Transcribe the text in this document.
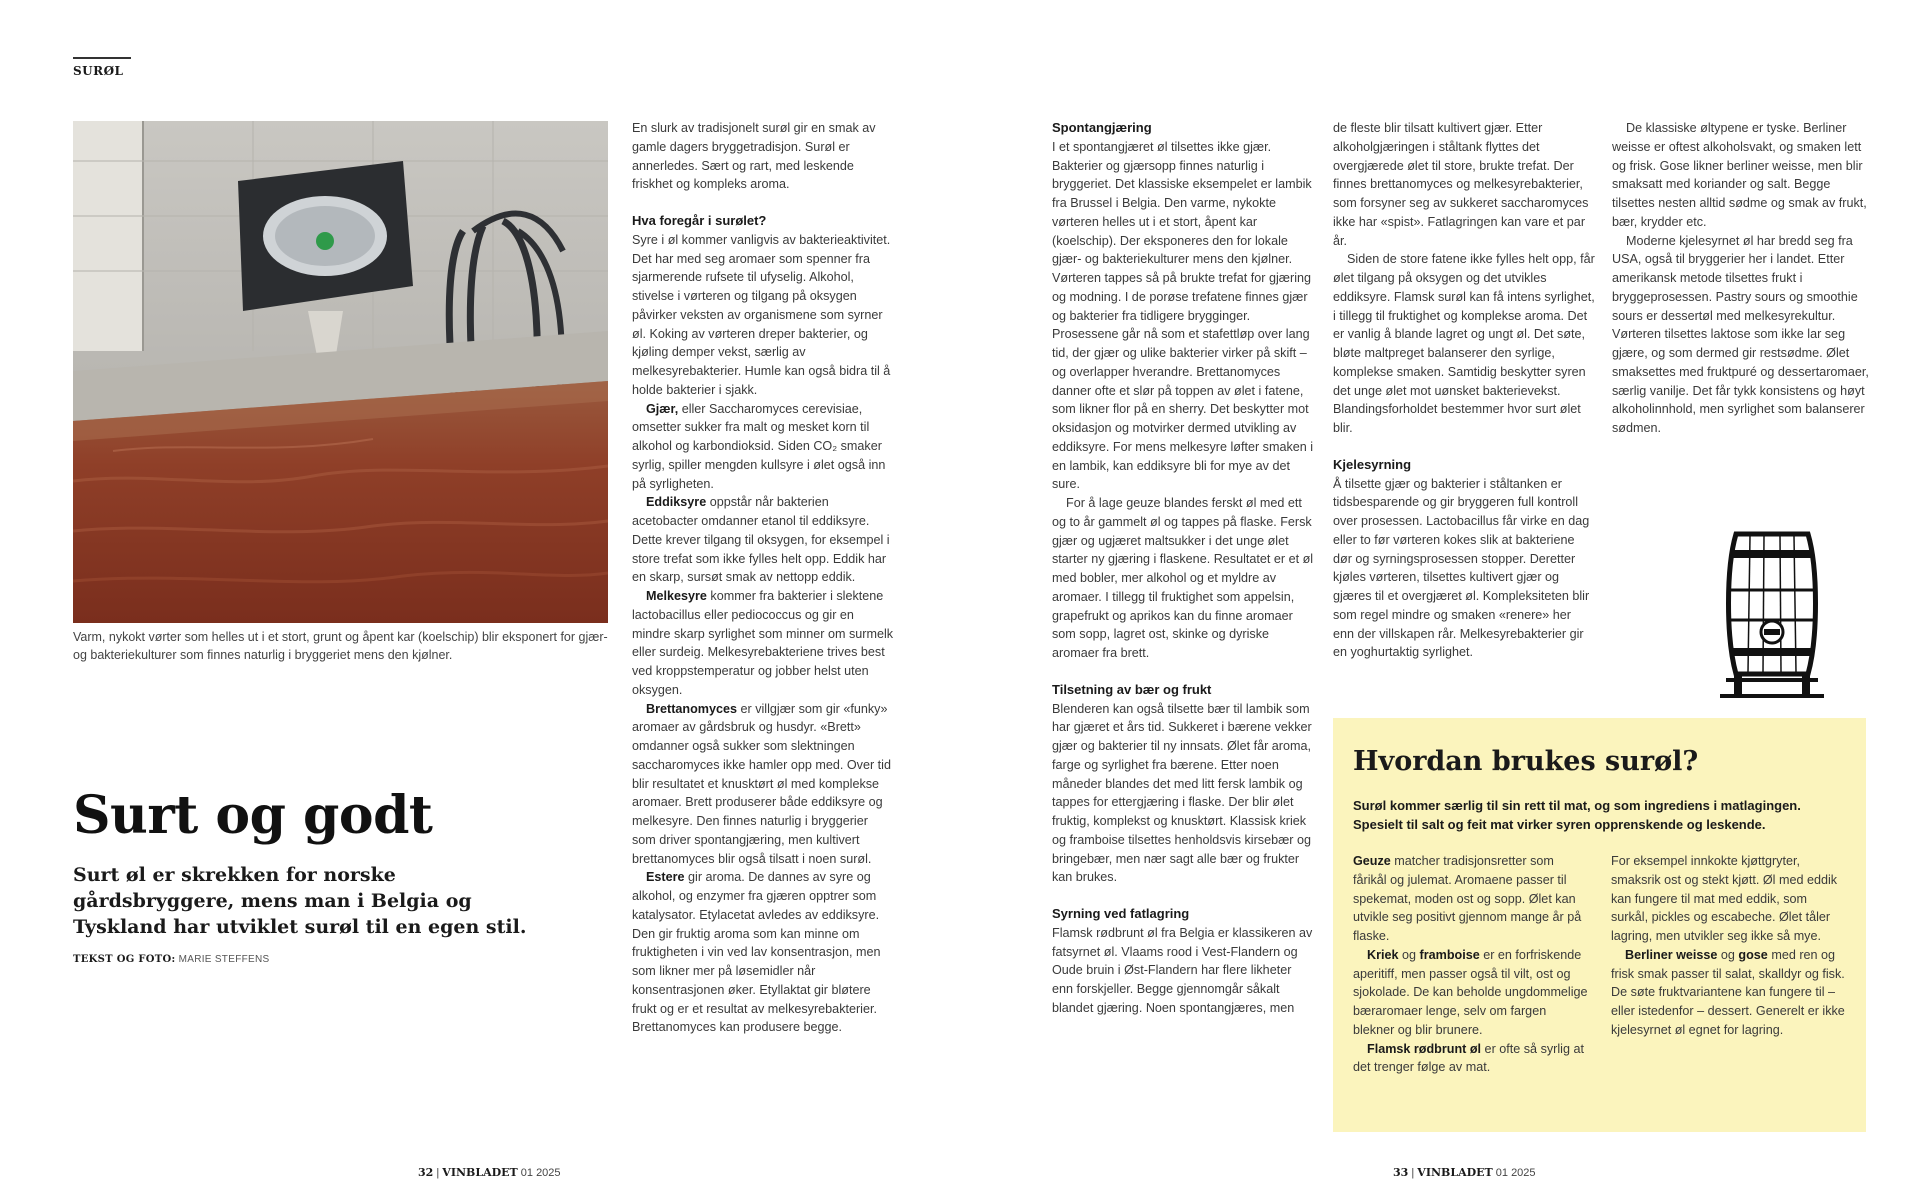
SURØL
Varm, nykokt vørter som helles ut i et stort, grunt og åpent kar (koelschip) blir eksponert for gjær- og bakteriekulturer som finnes naturlig i bryggeriet mens den kjølner.
Surt og godt
Surt øl er skrekken for norske gårdsbryggere, mens man i Belgia og Tyskland har utviklet surøl til en egen stil.
TEKST OG FOTO: MARIE STEFFENS

En slurk av tradisjonelt surøl gir en smak av gamle dagers bryggetradisjon. Surøl er annerledes. Sært og rart, med leskende friskhet og kompleks aroma.

Hva foregår i surølet?

Syre i øl kommer vanligvis av bakterieaktivitet. Det har med seg aromaer som spenner fra sjarmerende rufsete til ufyselig. Alkohol, stivelse i vørteren og tilgang på oksygen påvirker veksten av organismene som syrner øl. Koking av vørteren dreper bakterier, og kjøling demper vekst, særlig av melkesyrebakterier. Humle kan også bidra til å holde bakterier i sjakk.

Gjær, eller Saccharomyces cerevisiae, omsetter sukker fra malt og mesket korn til alkohol og karbondioksid. Siden CO₂ smaker syrlig, spiller mengden kullsyre i ølet også inn på syrligheten.

Eddiksyre oppstår når bakterien acetobacter omdanner etanol til eddiksyre. Dette krever tilgang til oksygen, for eksempel i store trefat som ikke fylles helt opp. Eddik har en skarp, sursøt smak av nettopp eddik.

Melkesyre kommer fra bakterier i slektene lactobacillus eller pediococcus og gir en mindre skarp syrlighet som minner om surmelk eller surdeig. Melkesyrebakteriene trives best ved kroppstemperatur og jobber helst uten oksygen.

Brettanomyces er villgjær som gir «funky» aromaer av gårdsbruk og husdyr. «Brett» omdanner også sukker som slektningen saccharomyces ikke hamler opp med. Over tid blir resultatet et knusktørt øl med komplekse aromaer. Brett produserer både eddiksyre og melkesyre. Den finnes naturlig i bryggerier som driver spontangjæring, men kultivert brettanomyces blir også tilsatt i noen surøl.

Estere gir aroma. De dannes av syre og alkohol, og enzymer fra gjæren opptrer som katalysator. Etylacetat avledes av eddiksyre. Den gir fruktig aroma som kan minne om fruktigheten i vin ved lav konsentrasjon, men som likner mer på løsemidler når konsentrasjonen øker. Etyllaktat gir bløtere frukt og er et resultat av melkesyrebakterier. Brettanomyces kan produsere begge.

32 | VINBLADET 01 2025
Spontangjæring

I et spontangjæret øl tilsettes ikke gjær. Bakterier og gjærsopp finnes naturlig i bryggeriet. Det klassiske eksempelet er lambik fra Brussel i Belgia. Den varme, nykokte vørteren helles ut i et stort, åpent kar (koelschip). Der eksponeres den for lokale gjær- og bakteriekulturer mens den kjølner. Vørteren tappes så på brukte trefat for gjæring og modning. I de porøse trefatene finnes gjær og bakterier fra tidligere brygginger. Prosessene går nå som et stafettløp over lang tid, der gjær og ulike bakterier virker på skift – og overlapper hverandre. Brettanomyces danner ofte et slør på toppen av ølet i fatene, som likner flor på en sherry. Det beskytter mot oksidasjon og motvirker dermed utvikling av eddiksyre. For mens melkesyre løfter smaken i en lambik, kan eddiksyre bli for mye av det sure.

For å lage geuze blandes ferskt øl med ett og to år gammelt øl og tappes på flaske. Fersk gjær og ugjæret maltsukker i det unge ølet starter ny gjæring i flaskene. Resultatet er et øl med bobler, mer alkohol og et myldre av aromaer. I tillegg til fruktighet som appelsin, grapefrukt og aprikos kan du finne aromaer som sopp, lagret ost, skinke og dyriske aromaer fra brett.

Tilsetning av bær og frukt

Blenderen kan også tilsette bær til lambik som har gjæret et års tid. Sukkeret i bærene vekker gjær og bakterier til ny innsats. Ølet får aroma, farge og syrlighet fra bærene. Etter noen måneder blandes det med litt fersk lambik og tappes for ettergjæring i flaske. Der blir ølet fruktig, komplekst og knusktørt. Klassisk kriek og framboise tilsettes henholdsvis kirsebær og bringebær, men nær sagt alle bær og frukter kan brukes.

Syrning ved fatlagring

Flamsk rødbrunt øl fra Belgia er klassikeren av fatsyrnet øl. Vlaams rood i Vest-Flandern og Oude bruin i Øst-Flandern har flere likheter enn forskjeller. Begge gjennomgår såkalt blandet gjæring. Noen spontangjæres, men

de fleste blir tilsatt kultivert gjær. Etter alkoholgjæringen i ståltank flyttes det overgjærede ølet til store, brukte trefat. Der finnes brettanomyces og melkesyrebakterier, som forsyner seg av sukkeret saccharomyces ikke har «spist». Fatlagringen kan vare et par år.

Siden de store fatene ikke fylles helt opp, får ølet tilgang på oksygen og det utvikles eddiksyre. Flamsk surøl kan få intens syrlighet, i tillegg til fruktighet og komplekse aroma. Det er vanlig å blande lagret og ungt øl. Det søte, bløte maltpreget balanserer den syrlige, komplekse smaken. Samtidig beskytter syren det unge ølet mot uønsket bakterievekst. Blandingsforholdet bestemmer hvor surt ølet blir.

Kjelesyrning

Å tilsette gjær og bakterier i ståltanken er tidsbesparende og gir bryggeren full kontroll over prosessen. Lactobacillus får virke en dag eller to før vørteren kokes slik at bakteriene dør og syrningsprosessen stopper. Deretter kjøles vørteren, tilsettes kultivert gjær og gjæres til et overgjæret øl. Kompleksiteten blir som regel mindre og smaken «renere» her enn der villskapen rår. Melkesyrebakterier gir en yoghurtaktig syrlighet.

De klassiske øltypene er tyske. Berliner weisse er oftest alkoholsvakt, og smaken lett og frisk. Gose likner berliner weisse, men blir smaksatt med koriander og salt. Begge tilsettes nesten alltid sødme og smak av frukt, bær, krydder etc.

Moderne kjelesyrnet øl har bredd seg fra USA, også til bryggerier her i landet. Etter amerikansk metode tilsettes frukt i bryggeprosessen. Pastry sours og smoothie sours er dessertøl med melkesyrekultur. Vørteren tilsettes laktose som ikke lar seg gjære, og som dermed gir restsødme. Ølet smaksettes med fruktpuré og dessertaromaer, særlig vanilje. Det får tykk konsistens og høyt alkoholinnhold, men syrlighet som balanserer sødmen.

Hvordan brukes surøl?
Surøl kommer særlig til sin rett til mat, og som ingrediens i matlagingen. Spesielt til salt og feit mat virker syren opprenskende og leskende.

Geuze matcher tradisjonsretter som fårikål og julemat. Aromaene passer til spekemat, moden ost og sopp. Ølet kan utvikle seg positivt gjennom mange år på flaske.

Kriek og framboise er en forfriskende aperitiff, men passer også til vilt, ost og sjokolade. De kan beholde ungdommelige bæraromaer lenge, selv om fargen blekner og blir brunere.

Flamsk rødbrunt øl er ofte så syrlig at det trenger følge av mat.

For eksempel innkokte kjøttgryter, smaksrik ost og stekt kjøtt. Øl med eddik kan fungere til mat med eddik, som surkål, pickles og escabeche. Ølet tåler lagring, men utvikler seg ikke så mye.

Berliner weisse og gose med ren og frisk smak passer til salat, skalldyr og fisk. De søte fruktvariantene kan fungere til – eller istedenfor – dessert. Generelt er ikke kjelesyrnet øl egnet for lagring.

33 | VINBLADET 01 2025
